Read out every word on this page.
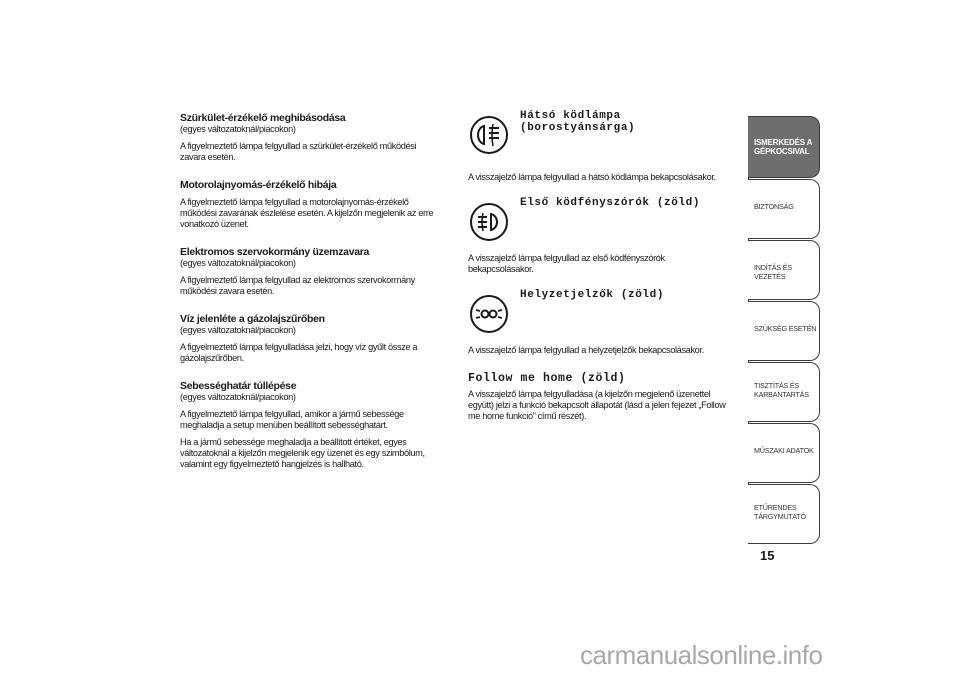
Szürkület-érzékelő meghibásodása

(egyes változatoknál/piacokon)

A figyelmeztető lámpa felgyullad a szürkület-érzékelő működési

zavara esetén.

Motorolajnyomás-érzékelő hibája

A figyelmeztető lámpa felgyullad a motorolajnyomás-érzékelő

működési zavarának észlelése esetén. A kijelzőn megjelenik az erre

vonatkozó üzenet.

Elektromos szervokormány üzemzavara

(egyes változatoknál/piacokon)

A figyelmeztető lámpa felgyullad az elektromos szervokormány

működési zavara esetén.

Víz jelenléte a gázolajszűrőben

(egyes változatoknál/piacokon)

A figyelmeztető lámpa felgyulladása jelzi, hogy víz gyűlt össze a

gázolajszűrőben.

Sebességhatár túllépése

(egyes változatoknál/piacokon)

A figyelmeztető lámpa felgyullad, amikor a jármű sebessége

meghaladja a setup menüben beállított sebességhatárt.

Ha a jármű sebessége meghaladja a beállított értéket, egyes

változatoknál a kijelzőn megjelenik egy üzenet és egy szimbólum,

valamint egy figyelmeztető hangjelzés is hallható.

Hátsó ködlámpa
(borostyánsárga)

A visszajelző lámpa felgyullad a hátsó ködlámpa bekapcsolásakor.

Első ködfényszórók (zöld)

A visszajelző lámpa felgyullad az első ködfényszórók

bekapcsolásakor.

Helyzetjelzők (zöld)

A visszajelző lámpa felgyullad a helyzetjelzők bekapcsolásakor.

Follow me home (zöld)

A visszajelző lámpa felgyulladása (a kijelzőn megjelenő üzenettel

együtt) jelzi a funkció bekapcsolt állapotát (lásd a jelen fejezet „Follow

me home funkció” című részét).

ISMERKEDÉS A
GÉPKOCSIVAL
BIZTONSÁG
INDÍTÁS ÉS VEZETÉS
SZÜKSÉG ESETÉN
TISZTÍTÁS ÉS
KARBANTARTÁS
MŰSZAKI ADATOK
ETŰRENDES
TÁRGYMUTATÓ
15
carmanualsonline.info
